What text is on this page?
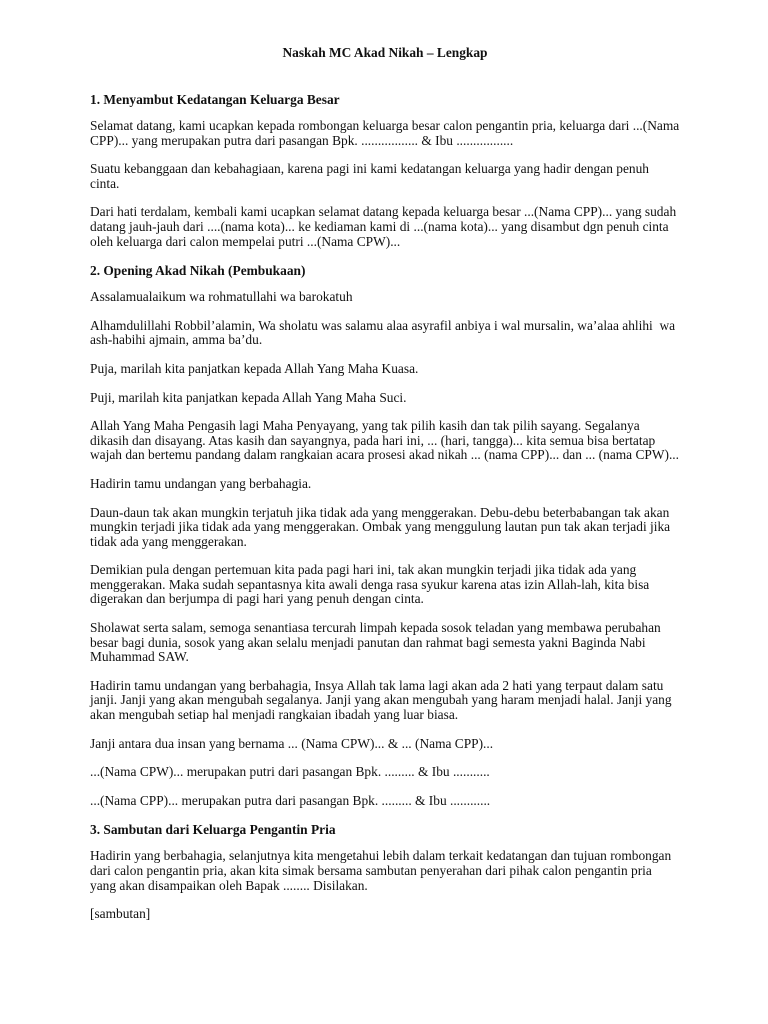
Naskah MC Akad Nikah – Lengkap
1. Menyambut Kedatangan Keluarga Besar

Selamat datang, kami ucapkan kepada rombongan keluarga besar calon pengantin pria, keluarga dari ...(Nama CPP)... yang merupakan putra dari pasangan Bpk. ................. & Ibu .................

Suatu kebanggaan dan kebahagiaan, karena pagi ini kami kedatangan keluarga yang hadir dengan penuh cinta.

Dari hati terdalam, kembali kami ucapkan selamat datang kepada keluarga besar ...(Nama CPP)... yang sudah datang jauh-jauh dari ....(nama kota)... ke kediaman kami di ...(nama kota)... yang disambut dgn penuh cinta oleh keluarga dari calon mempelai putri ...(Nama CPW)...

2. Opening Akad Nikah (Pembukaan)

Assalamualaikum wa rohmatullahi wa barokatuh

Alhamdulillahi Robbil’alamin, Wa sholatu was salamu alaa asyrafil anbiya i wal mursalin, wa’alaa ahlihi  wa ash-habihi ajmain, amma ba’du.

Puja, marilah kita panjatkan kepada Allah Yang Maha Kuasa.

Puji, marilah kita panjatkan kepada Allah Yang Maha Suci.

Allah Yang Maha Pengasih lagi Maha Penyayang, yang tak pilih kasih dan tak pilih sayang. Segalanya dikasih dan disayang. Atas kasih dan sayangnya, pada hari ini, ... (hari, tangga)... kita semua bisa bertatap wajah dan bertemu pandang dalam rangkaian acara prosesi akad nikah ... (nama CPP)... dan ... (nama CPW)...

Hadirin tamu undangan yang berbahagia.

Daun-daun tak akan mungkin terjatuh jika tidak ada yang menggerakan. Debu-debu beterbabangan tak akan mungkin terjadi jika tidak ada yang menggerakan. Ombak yang menggulung lautan pun tak akan terjadi jika tidak ada yang menggerakan.

Demikian pula dengan pertemuan kita pada pagi hari ini, tak akan mungkin terjadi jika tidak ada yang menggerakan. Maka sudah sepantasnya kita awali denga rasa syukur karena atas izin Allah-lah, kita bisa digerakan dan berjumpa di pagi hari yang penuh dengan cinta.

Sholawat serta salam, semoga senantiasa tercurah limpah kepada sosok teladan yang membawa perubahan besar bagi dunia, sosok yang akan selalu menjadi panutan dan rahmat bagi semesta yakni Baginda Nabi Muhammad SAW.

Hadirin tamu undangan yang berbahagia, Insya Allah tak lama lagi akan ada 2 hati yang terpaut dalam satu janji. Janji yang akan mengubah segalanya. Janji yang akan mengubah yang haram menjadi halal. Janji yang akan mengubah setiap hal menjadi rangkaian ibadah yang luar biasa.

Janji antara dua insan yang bernama ... (Nama CPW)... & ... (Nama CPP)...

...(Nama CPW)... merupakan putri dari pasangan Bpk. ......... & Ibu ...........

...(Nama CPP)... merupakan putra dari pasangan Bpk. ......... & Ibu ............

3. Sambutan dari Keluarga Pengantin Pria

Hadirin yang berbahagia, selanjutnya kita mengetahui lebih dalam terkait kedatangan dan tujuan rombongan dari calon pengantin pria, akan kita simak bersama sambutan penyerahan dari pihak calon pengantin pria yang akan disampaikan oleh Bapak ........ Disilakan.

[sambutan]
